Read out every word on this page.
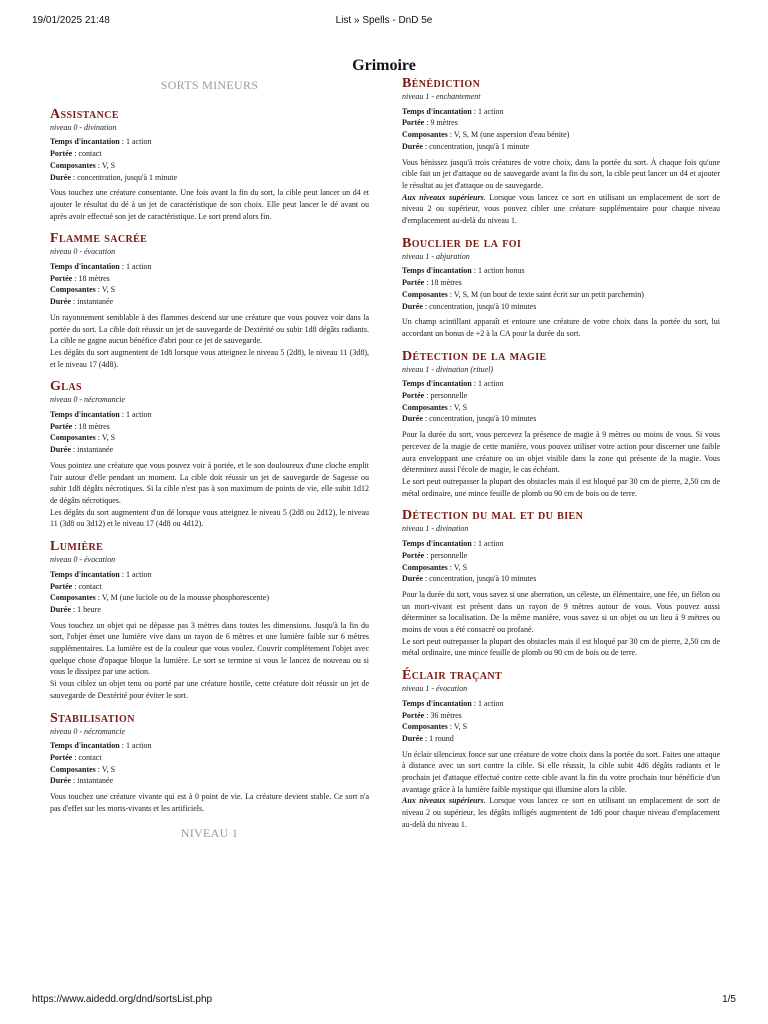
19/01/2025 21:48	List » Spells - DnD 5e
Grimoire
SORTS MINEURS
Assistance
niveau 0 - divination
Temps d'incantation : 1 action
Portée : contact
Composantes : V, S
Durée : concentration, jusqu'à 1 minute

Vous touchez une créature consentante. Une fois avant la fin du sort, la cible peut lancer un d4 et ajouter le résultat du dé à un jet de caractéristique de son choix. Elle peut lancer le dé avant ou après avoir effectué son jet de caractéristique. Le sort prend alors fin.

Flamme sacrée
niveau 0 - évocation
Temps d'incantation : 1 action
Portée : 18 mètres
Composantes : V, S
Durée : instantanée

Un rayonnement semblable à des flammes descend sur une créature que vous pouvez voir dans la portée du sort. La cible doit réussir un jet de sauvegarde de Dextérité ou subir 1d8 dégâts radiants. La cible ne gagne aucun bénéfice d'abri pour ce jet de sauvegarde.

Les dégâts du sort augmentent de 1d8 lorsque vous atteignez le niveau 5 (2d8), le niveau 11 (3d8), et le niveau 17 (4d8).

Glas
niveau 0 - nécromancie
Temps d'incantation : 1 action
Portée : 18 mètres
Composantes : V, S
Durée : instantanée

Vous pointez une créature que vous pouvez voir à portée, et le son douloureux d'une cloche emplit l'air autour d'elle pendant un moment. La cible doit réussir un jet de sauvegarde de Sagesse ou subir 1d8 dégâts nécrotiques. Si la cible n'est pas à son maximum de points de vie, elle subit 1d12 de dégâts nécrotiques.

Les dégâts du sort augmentent d'un dé lorsque vous atteignez le niveau 5 (2d8 ou 2d12), le niveau 11 (3d8 ou 3d12) et le niveau 17 (4d8 ou 4d12).

Lumière
niveau 0 - évocation
Temps d'incantation : 1 action
Portée : contact
Composantes : V, M (une luciole ou de la mousse phosphorescente)
Durée : 1 heure

Vous touchez un objet qui ne dépasse pas 3 mètres dans toutes les dimensions. Jusqu'à la fin du sort, l'objet émet une lumière vive dans un rayon de 6 mètres et une lumière faible sur 6 mètres supplémentaires. La lumière est de la couleur que vous voulez. Couvrir complètement l'objet avec quelque chose d'opaque bloque la lumière. Le sort se termine si vous le lancez de nouveau ou si vous le dissipez par une action.

Si vous ciblez un objet tenu ou porté par une créature hostile, cette créature doit réussir un jet de sauvegarde de Dextérité pour éviter le sort.

Stabilisation
niveau 0 - nécromancie
Temps d'incantation : 1 action
Portée : contact
Composantes : V, S
Durée : instantanée

Vous touchez une créature vivante qui est à 0 point de vie. La créature devient stable. Ce sort n'a pas d'effet sur les morts-vivants et les artificiels.

NIVEAU 1
Bénédiction
niveau 1 - enchantement
Temps d'incantation : 1 action
Portée : 9 mètres
Composantes : V, S, M (une aspersion d'eau bénite)
Durée : concentration, jusqu'à 1 minute

Vous bénissez jusqu'à trois créatures de votre choix, dans la portée du sort. À chaque fois qu'une cible fait un jet d'attaque ou de sauvegarde avant la fin du sort, la cible peut lancer un d4 et ajouter le résultat au jet d'attaque ou de sauvegarde.

Aux niveaux supérieurs. Lorsque vous lancez ce sort en utilisant un emplacement de sort de niveau 2 ou supérieur, vous pouvez cibler une créature supplémentaire pour chaque niveau d'emplacement au-delà du niveau 1.

Bouclier de la foi
niveau 1 - abjuration
Temps d'incantation : 1 action bonus
Portée : 18 mètres
Composantes : V, S, M (un bout de texte saint écrit sur un petit parchemin)
Durée : concentration, jusqu'à 10 minutes

Un champ scintillant apparaît et entoure une créature de votre choix dans la portée du sort, lui accordant un bonus de +2 à la CA pour la durée du sort.

Détection de la magie
niveau 1 - divination (rituel)
Temps d'incantation : 1 action
Portée : personnelle
Composantes : V, S
Durée : concentration, jusqu'à 10 minutes

Pour la durée du sort, vous percevez la présence de magie à 9 mètres ou moins de vous. Si vous percevez de la magie de cette manière, vous pouvez utiliser votre action pour discerner une faible aura enveloppant une créature ou un objet visible dans la zone qui présente de la magie. Vous déterminez aussi l'école de magie, le cas échéant.

Le sort peut outrepasser la plupart des obstacles mais il est bloqué par 30 cm de pierre, 2,50 cm de métal ordinaire, une mince feuille de plomb ou 90 cm de bois ou de terre.

Détection du mal et du bien
niveau 1 - divination
Temps d'incantation : 1 action
Portée : personnelle
Composantes : V, S
Durée : concentration, jusqu'à 10 minutes

Pour la durée du sort, vous savez si une aberration, un céleste, un élémentaire, une fée, un fiélon ou un mort-vivant est présent dans un rayon de 9 mètres autour de vous. Vous pouvez aussi déterminer sa localisation. De la même manière, vous savez si un objet ou un lieu à 9 mètres ou moins de vous a été consacré ou profané.

Le sort peut outrepasser la plupart des obstacles mais il est bloqué par 30 cm de pierre, 2,50 cm de métal ordinaire, une mince feuille de plomb ou 90 cm de bois ou de terre.

Éclair traçant
niveau 1 - évocation
Temps d'incantation : 1 action
Portée : 36 mètres
Composantes : V, S
Durée : 1 round

Un éclair silencieux fonce sur une créature de votre choix dans la portée du sort. Faites une attaque à distance avec un sort contre la cible. Si elle réussit, la cible subit 4d6 dégâts radiants et le prochain jet d'attaque effectué contre cette cible avant la fin du votre prochain tour bénéficie d'un avantage grâce à la lumière faible mystique qui illumine alors la cible.

Aux niveaux supérieurs. Lorsque vous lancez ce sort en utilisant un emplacement de sort de niveau 2 ou supérieur, les dégâts infligés augmentent de 1d6 pour chaque niveau d'emplacement au-delà du niveau 1.

https://www.aidedd.org/dnd/sortsList.php	1/5
